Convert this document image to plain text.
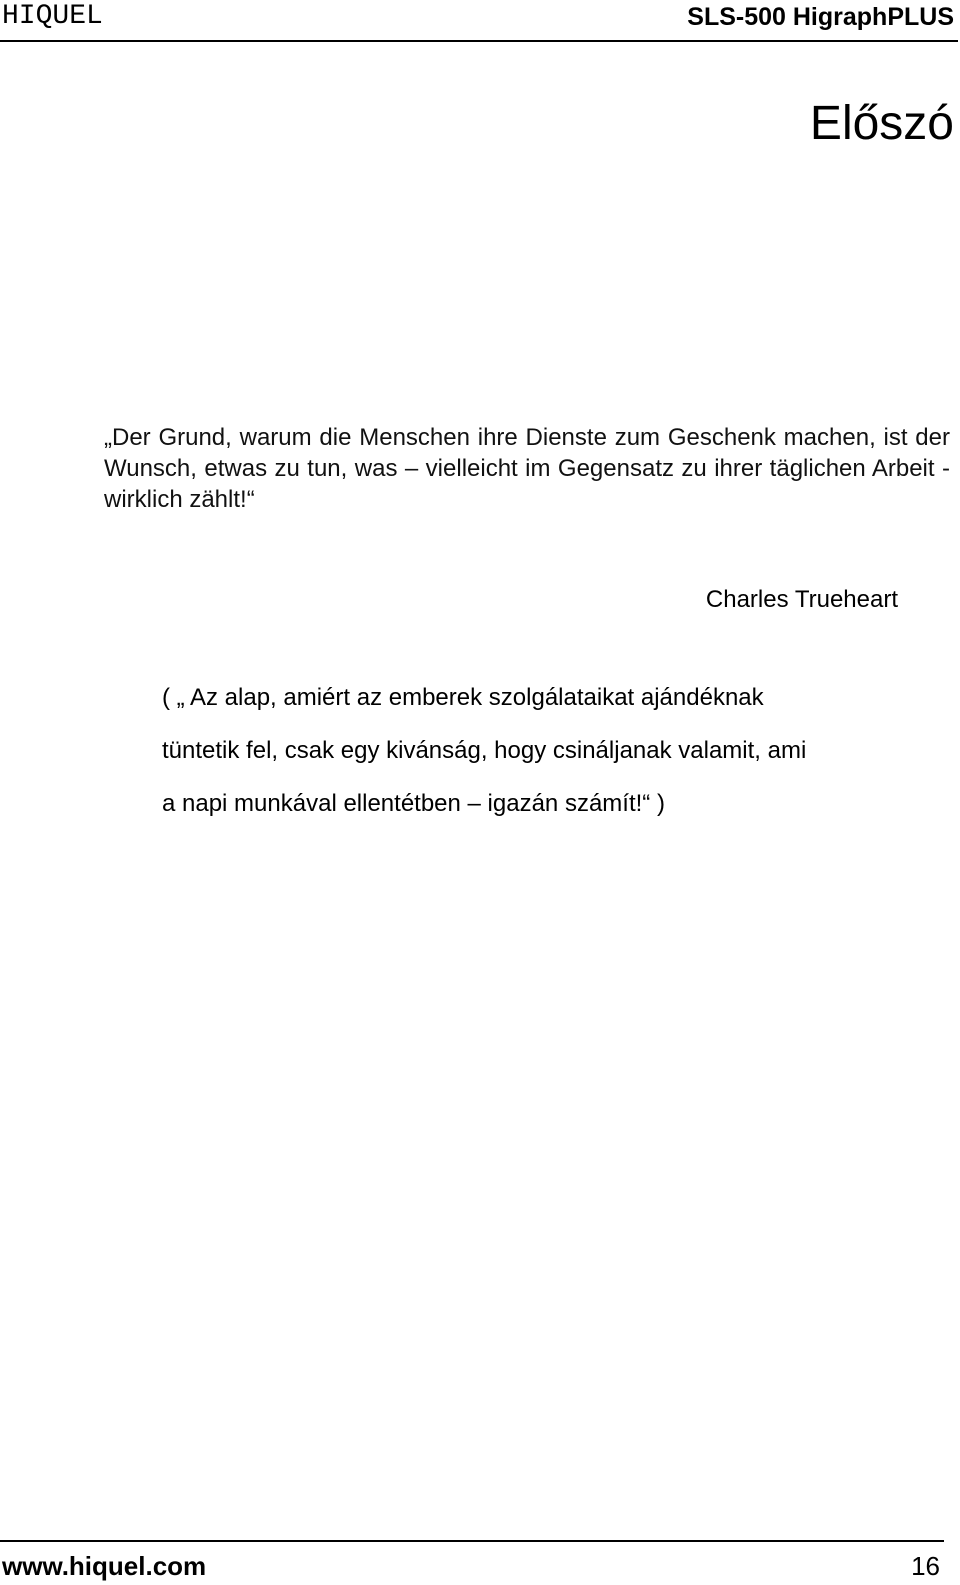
HIQUEL	SLS-500 HigraphPLUS
Előszó

„Der Grund, warum die Menschen ihre Dienste zum Geschenk machen, ist der Wunsch, etwas zu tun, was – vielleicht im Gegensatz zu ihrer täglichen Arbeit - wirklich zählt!“

Charles Trueheart
( „ Az alap, amiért az emberek szolgálataikat ajándéknak
tüntetik fel, csak egy kivánság, hogy csináljanak valamit, ami
a napi munkával ellentétben – igazán számít!“ )
www.hiquel.com	16
